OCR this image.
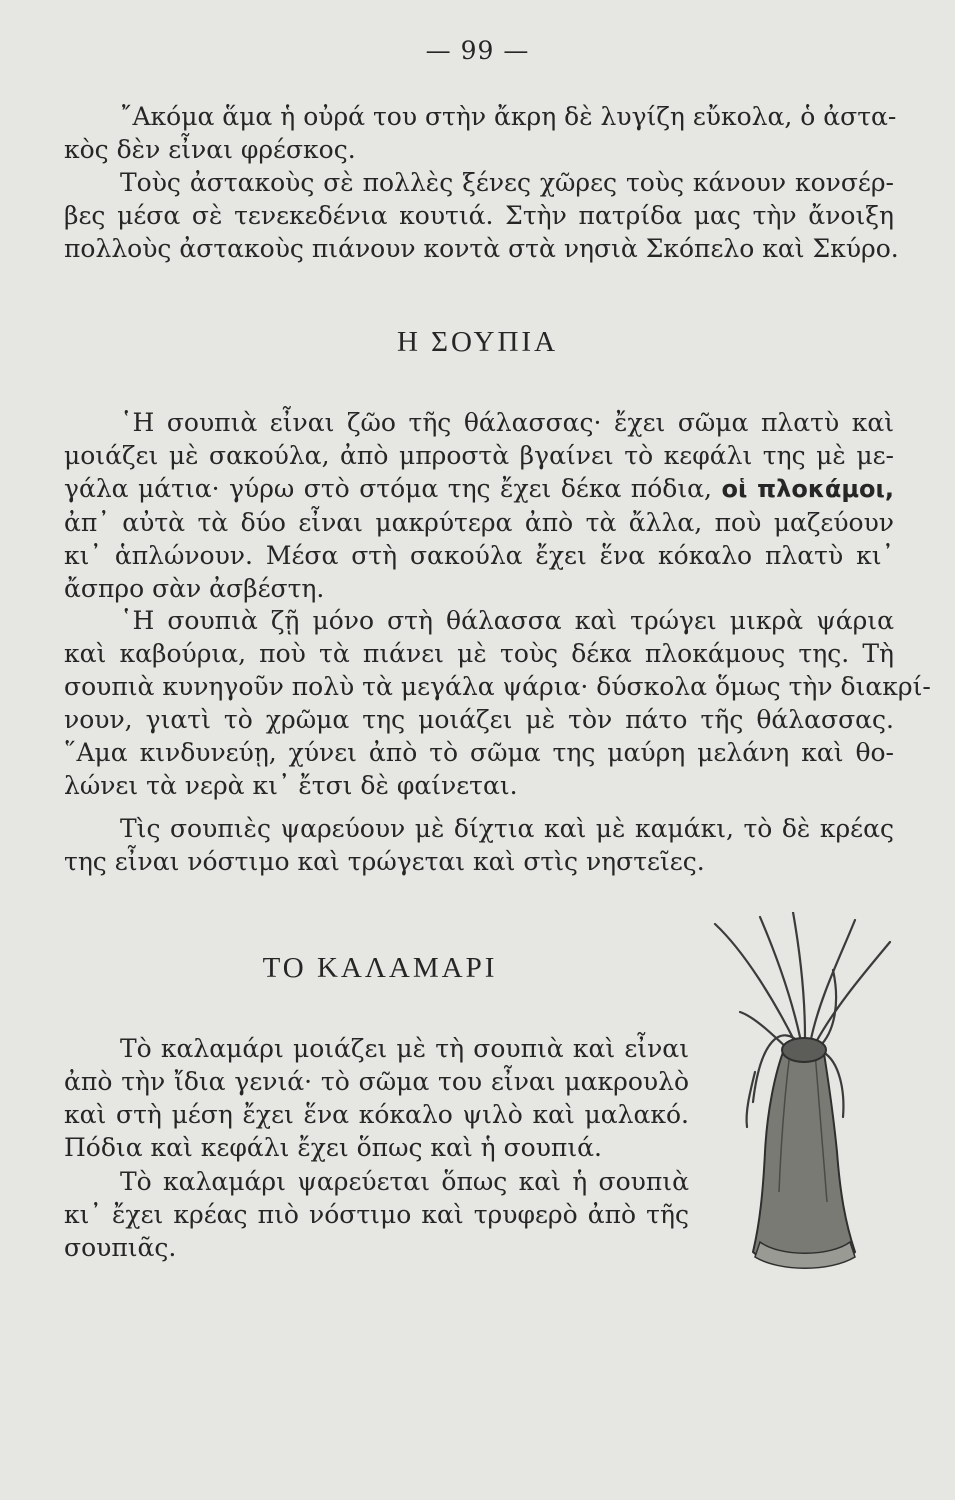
— 99 —

῎Ακόμα ἅμα ἡ οὐρά του στὴν ἄκρη δὲ λυγίζη εὔκολα, ὁ ἀστα-
κὸς δὲν εἶναι φρέσκος.
Τοὺς ἀστακοὺς σὲ πολλὲς ξένες χῶρες τοὺς κάνουν κονσέρ-
βες μέσα σὲ τενεκεδένια κουτιά. Στὴν πατρίδα μας τὴν ἄνοιξη
πολλοὺς ἀστακοὺς πιάνουν κοντὰ στὰ νησιὰ Σκόπελο καὶ Σκύρο.

Η ΣΟΥΠΙΑ

῾Η σουπιὰ εἶναι ζῶο τῆς θάλασσας· ἔχει σῶμα πλατὺ καὶ
μοιάζει μὲ σακούλα, ἀπὸ μπροστὰ βγαίνει τὸ κεφάλι της μὲ με-
γάλα μάτια· γύρω στὸ στόμα της ἔχει δέκα πόδια, οἱ πλοκάμοι,
ἀπ᾿ αὐτὰ τὰ δύο εἶναι μακρύτερα ἀπὸ τὰ ἄλλα, ποὺ μαζεύουν
κι᾿ ἁπλώνουν. Μέσα στὴ σακούλα ἔχει ἕνα κόκαλο πλατὺ κι᾿
ἄσπρο σὰν ἀσβέστη.

῾Η σουπιὰ ζῇ μόνο στὴ θάλασσα καὶ τρώγει μικρὰ ψάρια
καὶ καβούρια, ποὺ τὰ πιάνει μὲ τοὺς δέκα πλοκάμους της. Τὴ
σουπιὰ κυνηγοῦν πολὺ τὰ μεγάλα ψάρια· δύσκολα ὅμως τὴν διακρί-
νουν, γιατὶ τὸ χρῶμα της μοιάζει μὲ τὸν πάτο τῆς θάλασσας.
῞Αμα κινδυνεύῃ, χύνει ἀπὸ τὸ σῶμα της μαύρη μελάνη καὶ θο-
λώνει τὰ νερὰ κι᾿ ἔτσι δὲ φαίνεται.

Τὶς σουπιὲς ψαρεύουν μὲ δίχτια καὶ μὲ καμάκι, τὸ δὲ κρέας
της εἶναι νόστιμο καὶ τρώγεται καὶ στὶς νηστεῖες.

ΤΟ ΚΑΛΑΜΑΡΙ

Τὸ καλαμάρι μοιάζει μὲ τὴ σουπιὰ καὶ εἶναι
ἀπὸ τὴν ἴδια γενιά· τὸ σῶμα του εἶναι μακρουλὸ
καὶ στὴ μέση ἔχει ἕνα κόκαλο ψιλὸ καὶ μαλακό.
Πόδια καὶ κεφάλι ἔχει ὅπως καὶ ἡ σουπιά.

Τὸ καλαμάρι ψαρεύεται ὅπως καὶ ἡ σουπιὰ
κι᾿ ἔχει κρέας πιὸ νόστιμο καὶ τρυφερὸ ἀπὸ τῆς
σουπιᾶς.
